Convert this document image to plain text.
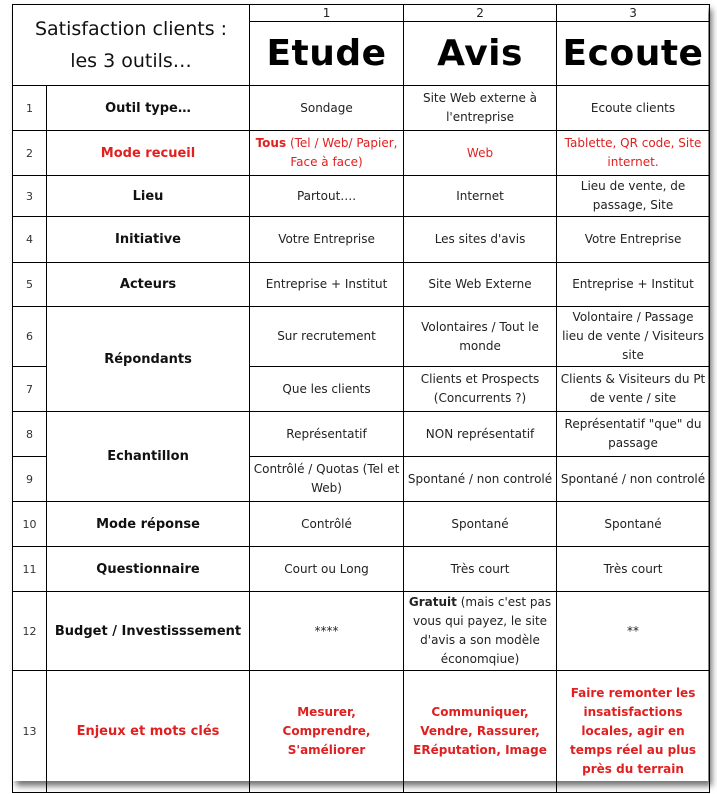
Satisfaction clients :
les 3 outils…		1	2	3
		Etude	Avis	Ecoute
1	Outil type…	Sondage	Site Web externe à l'entreprise	Ecoute clients
2	Mode recueil	Tous (Tel / Web/ Papier, Face à face)	Web	Tablette, QR code, Site internet.
3	Lieu	Partout….	Internet	Lieu de vente, de passage, Site
4	Initiative	Votre Entreprise	Les sites d'avis	Votre Entreprise
5	Acteurs	Entreprise + Institut	Site Web Externe	Entreprise + Institut
6	Répondants	Sur recrutement	Volontaires / Tout le monde	Volontaire / Passage lieu de vente / Visiteurs site
7		Que les clients	Clients et Prospects (Concurrents ?)	Clients & Visiteurs du Pt de vente / site
8	Echantillon	Représentatif	NON représentatif	Représentatif "que" du passage
9		Contrôlé / Quotas (Tel et Web)	Spontané / non controlé	Spontané / non controlé
10	Mode réponse	Contrôlé	Spontané	Spontané
11	Questionnaire	Court ou Long	Très court	Très court
12	Budget / Investisssement	****	Gratuit (mais c'est pas vous qui payez, le site d'avis a son modèle économqiue)	**
13	Enjeux et mots clés	Mesurer, Comprendre, S'améliorer	Communiquer, Vendre, Rassurer, ERéputation, Image	Faire remonter les insatisfactions locales, agir en temps réel au plus près du terrain
